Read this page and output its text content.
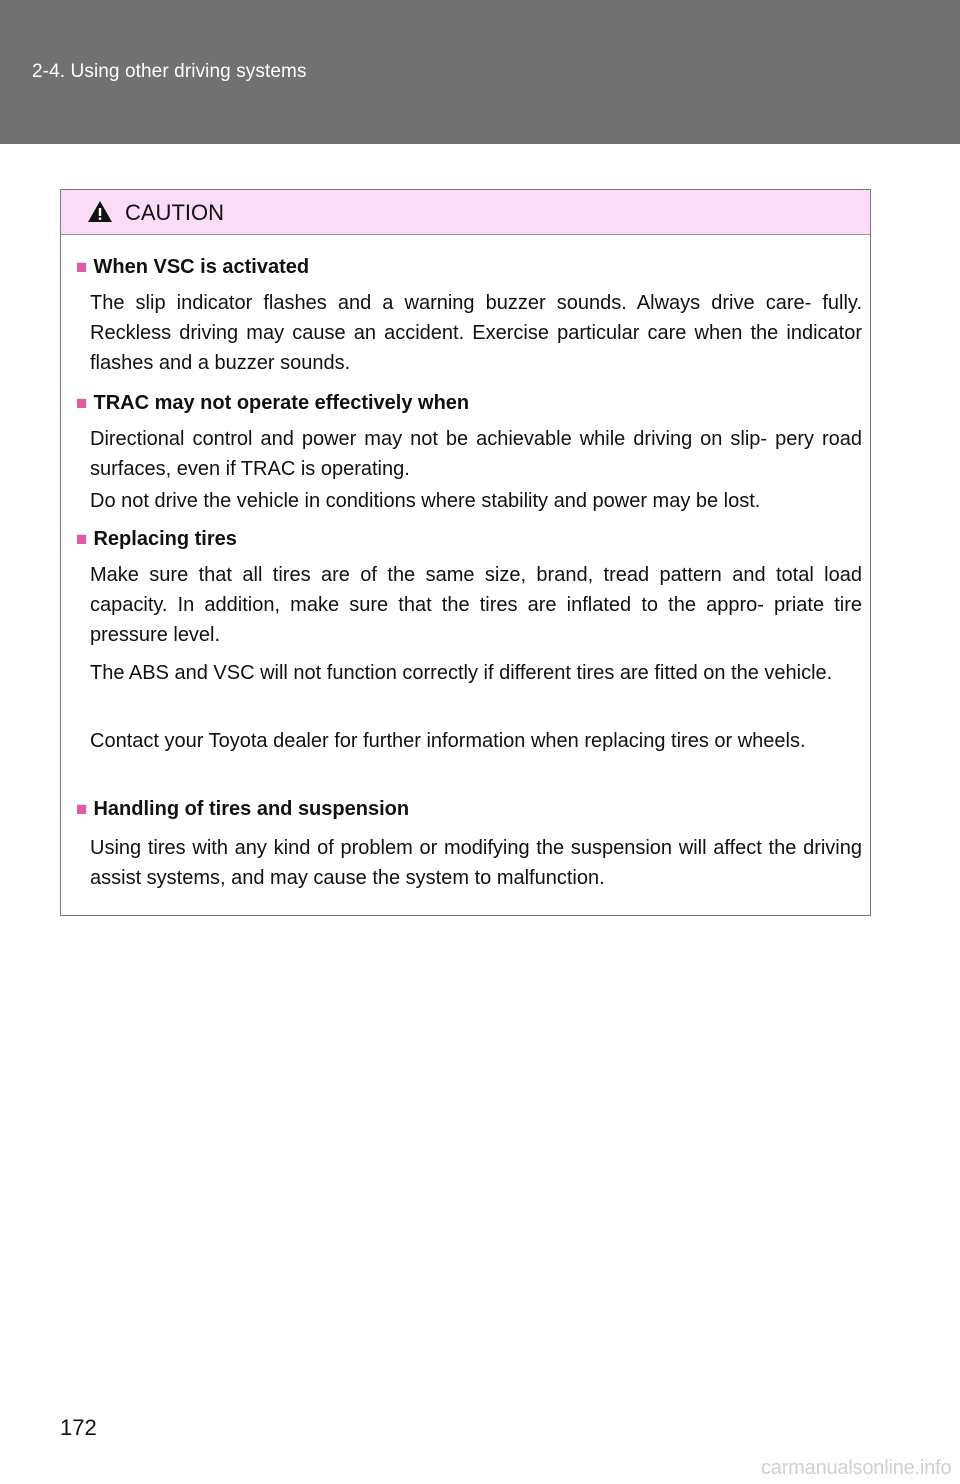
2-4. Using other driving systems
CAUTION
■ When VSC is activated

The slip indicator flashes and a warning buzzer sounds. Always drive care- fully. Reckless driving may cause an accident. Exercise particular care when the indicator flashes and a buzzer sounds.

■ TRAC may not operate effectively when

Directional control and power may not be achievable while driving on slip- pery road surfaces, even if TRAC is operating.

Do not drive the vehicle in conditions where stability and power may be lost.

■ Replacing tires

Make sure that all tires are of the same size, brand, tread pattern and total load capacity. In addition, make sure that the tires are inflated to the appro- priate tire pressure level.

The ABS and VSC will not function correctly if different tires are fitted on the vehicle.

Contact your Toyota dealer for further information when replacing tires or wheels.

■ Handling of tires and suspension

Using tires with any kind of problem or modifying the suspension will affect the driving assist systems, and may cause the system to malfunction.

172
carmanualsonline.info
